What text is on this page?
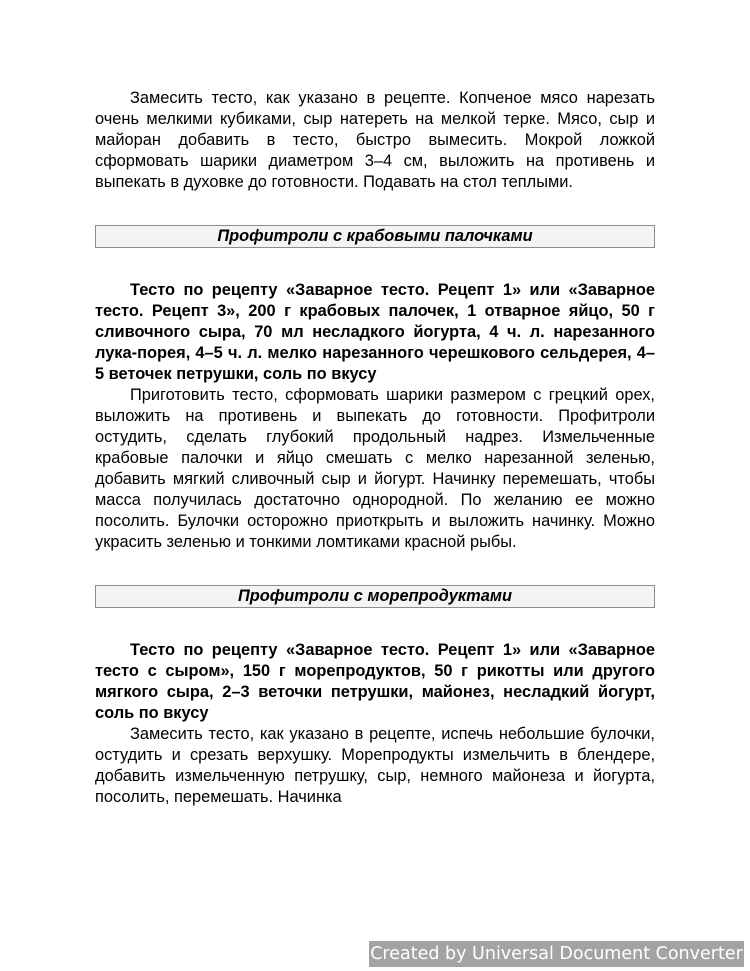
Замесить тесто, как указано в рецепте. Копченое мясо нарезать очень мелкими кубиками, сыр натереть на мелкой терке. Мясо, сыр и майоран добавить в тесто, быстро вымесить. Мокрой ложкой сформовать шарики диаметром 3–4 см, выложить на противень и выпекать в духовке до готовности. Подавать на стол теплыми.

Профитроли с крабовыми палочками

Тесто по рецепту «Заварное тесто. Рецепт 1» или «Заварное тесто. Рецепт 3», 200 г крабовых палочек, 1 отварное яйцо, 50 г сливочного сыра, 70 мл несладкого йогурта, 4 ч. л. нарезанного лука-порея, 4–5 ч. л. мелко нарезанного черешкового сельдерея, 4–5 веточек петрушки, соль по вкусу

Приготовить тесто, сформовать шарики размером с грецкий орех, выложить на противень и выпекать до готовности. Профитроли остудить, сделать глубокий продольный надрез. Измельченные крабовые палочки и яйцо смешать с мелко нарезанной зеленью, добавить мягкий сливочный сыр и йогурт. Начинку перемешать, чтобы масса получилась достаточно однородной. По желанию ее можно посолить. Булочки осторожно приоткрыть и выложить начинку. Можно украсить зеленью и тонкими ломтиками красной рыбы.

Профитроли с морепродуктами

Тесто по рецепту «Заварное тесто. Рецепт 1» или «Заварное тесто с сыром», 150 г морепродуктов, 50 г рикотты или другого мягкого сыра, 2–3 веточки петрушки, майонез, несладкий йогурт, соль по вкусу

Замесить тесто, как указано в рецепте, испечь небольшие булочки, остудить и срезать верхушку. Морепродукты измельчить в блендере, добавить измельченную петрушку, сыр, немного майонеза и йогурта, посолить, перемешать. Начинка

Created by Universal Document Converter
